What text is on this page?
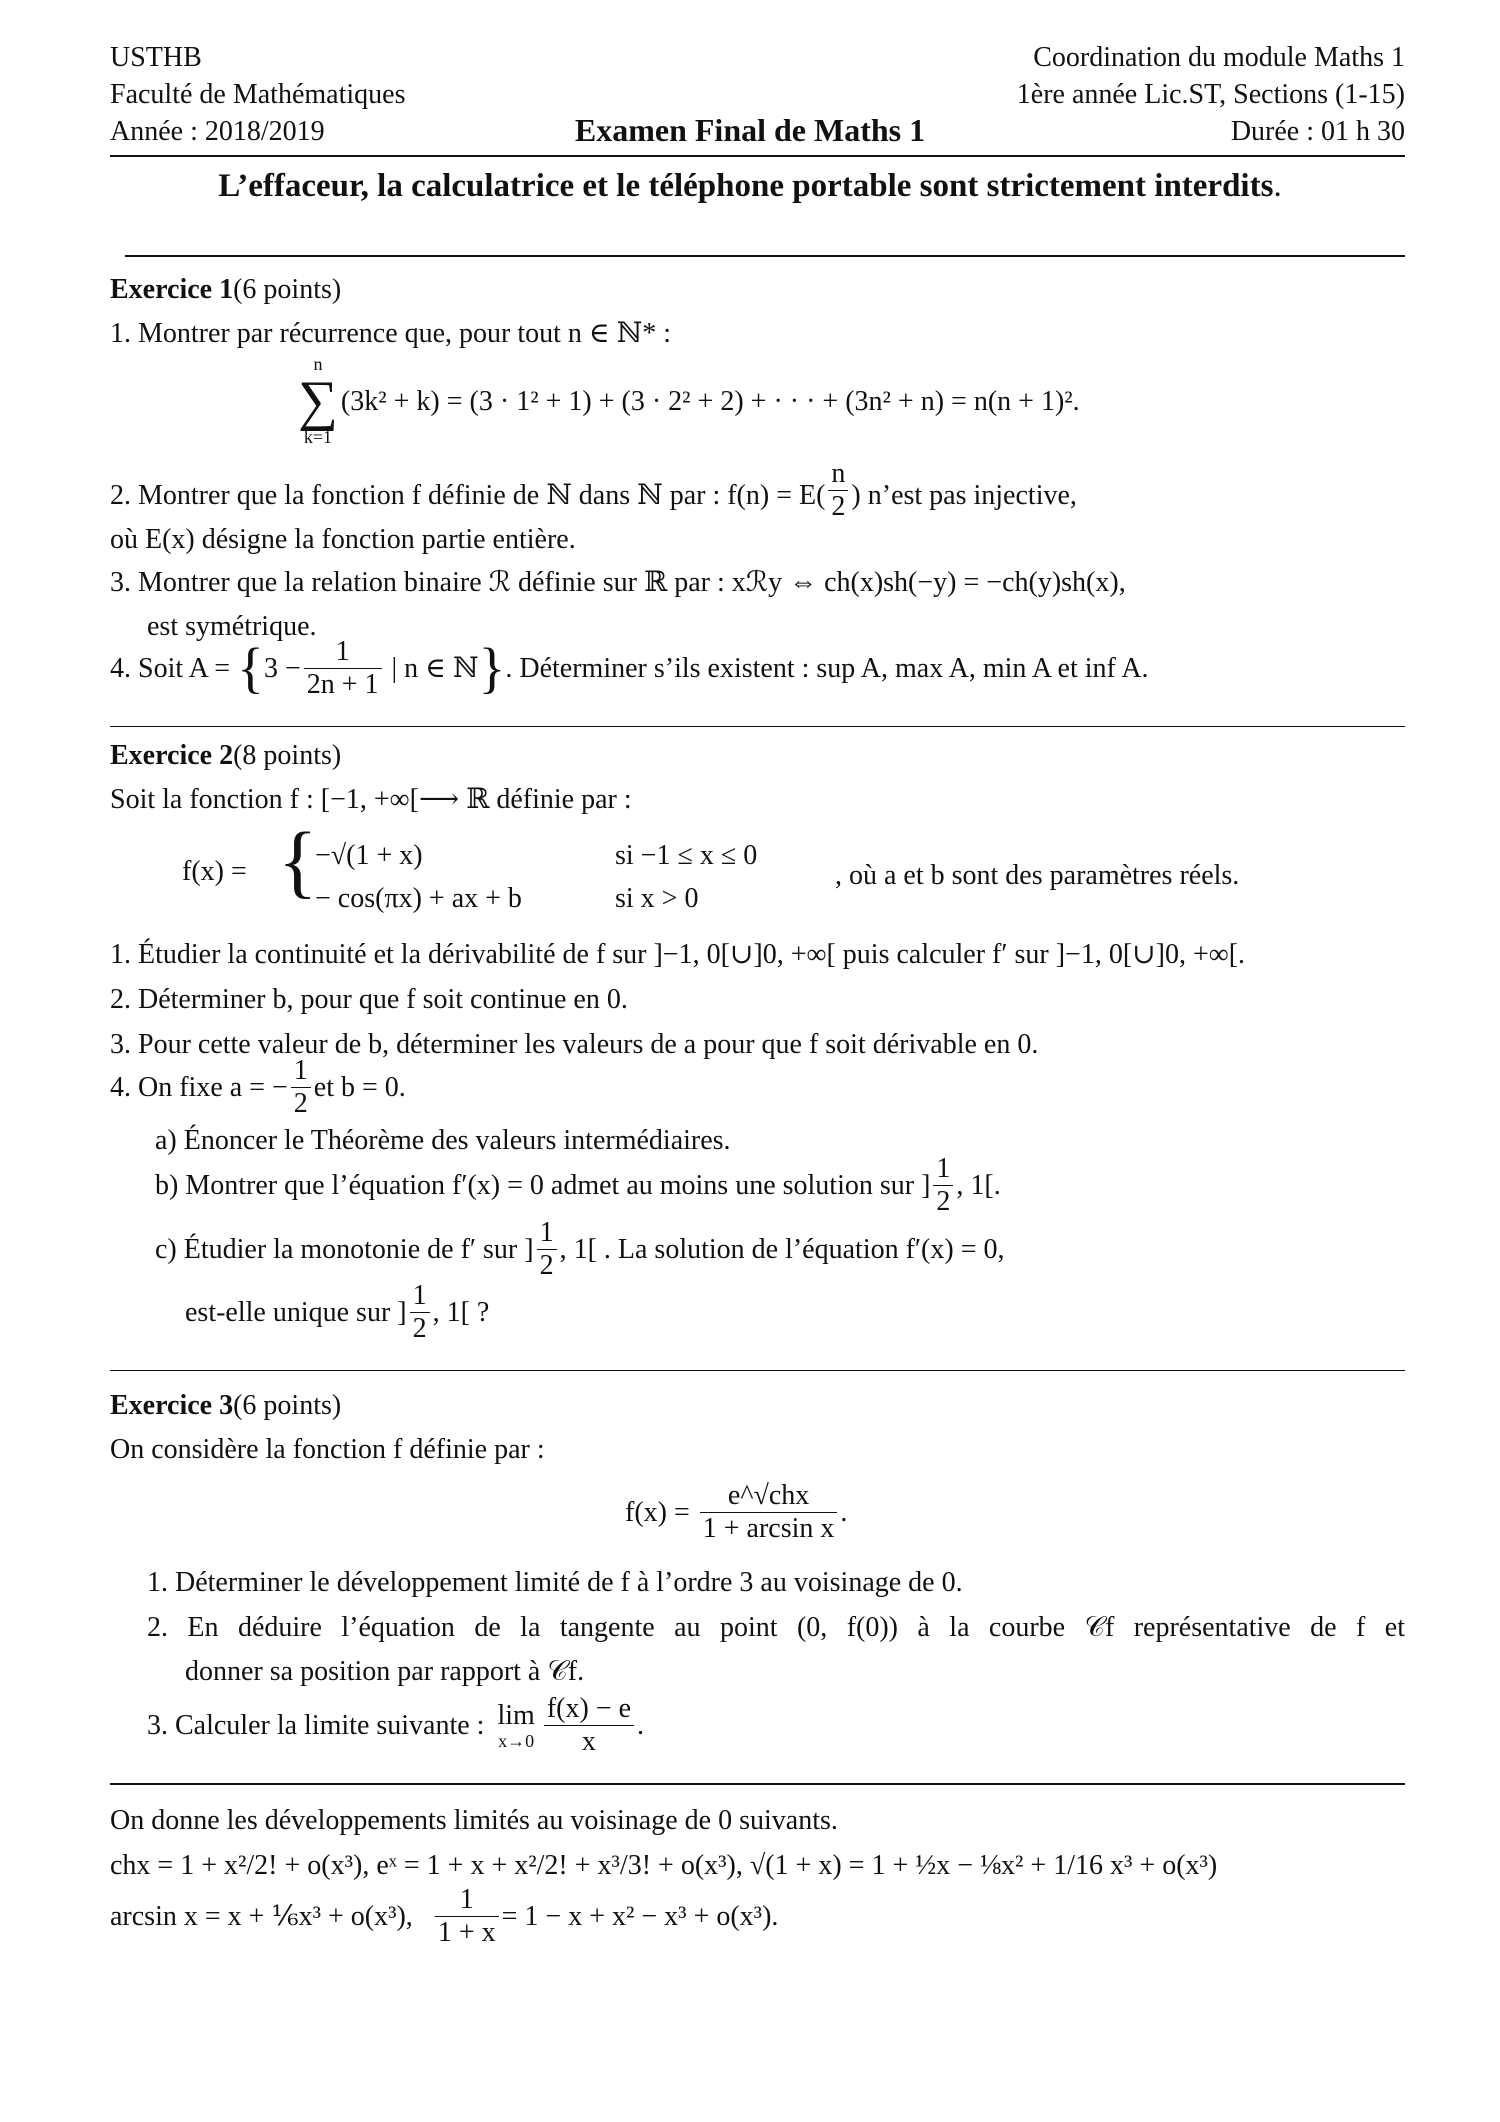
USTHB
Faculté de Mathématiques
Année : 2018/2019
Coordination du module Maths 1
1ère année Lic.ST, Sections (1-15)
Durée : 01 h 30
Examen Final de Maths 1
L’effaceur, la calculatrice et le téléphone portable sont strictement interdits.
Exercice 1(6 points)
1. Montrer par récurrence que, pour tout n ∈ ℕ* :
n
∑
k=1
(3k² + k) = (3 · 1² + 1) + (3 · 2² + 2) + · · · + (3n² + n) = n(n + 1)².
2. Montrer que la fonction f définie de ℕ dans ℕ par : $f(n) = E( \frac{n}{2}$ ) n’est pas injective,
où E(x) désigne la fonction partie entière.
3. Montrer que la relation binaire ℛ définie sur ℝ par : xℛy ⇔ ch(x)sh(−y) = −ch(y)sh(x),
est symétrique.
4. Soit $A = \{3 - \frac{1}{2n + 1}$ | n ∈ ℕ}. Déterminer s’ils existent : sup A, max A, min A et inf A.
Exercice 2(8 points)
Soit la fonction f : [−1, +∞[⟶ ℝ définie par :
f(x) = {
−√(1 + x)	si −1 ≤ x ≤ 0
− cos(πx) + ax + b	si x > 0
, où a et b sont des paramètres réels.
1. Étudier la continuité et la dérivabilité de f sur ]−1, 0[∪]0, +∞[ puis calculer f′ sur ]−1, 0[∪]0, +∞[.
2. Déterminer b, pour que f soit continue en 0.
3. Pour cette valeur de b, déterminer les valeurs de a pour que f soit dérivable en 0.
4. On fixe a = − $\frac{1}{2}$ et b = 0.
a) Énoncer le Théorème des valeurs intermédiaires.
b) Montrer que l’équation f′(x) = 0 admet au moins une solution sur ] $\frac{1}{2}$ , 1[.
c) Étudier la monotonie de f′ sur ] $\frac{1}{2}$ , 1[ . La solution de l’équation f′(x) = 0,
est-elle unique sur ] $\frac{1}{2}$ , 1[ ?
Exercice 3(6 points)
On considère la fonction f définie par :
$f(x) = \frac{\text{e\textasciicircum{}√chx}}{\text{1 + arcsin x}}$ .
1. Déterminer le développement limité de f à l’ordre 3 au voisinage de 0.
2. En déduire l’équation de la tangente au point (0, f(0)) à la courbe 𝒞f représentative de f et
donner sa position par rapport à 𝒞f.
3. Calculer la limite suivante : lim
$x\to 0 \frac{f(x) - e}{x}$ .
On donne les développements limités au voisinage de 0 suivants.
chx = 1 + x²/2! + o(x³), eˣ = 1 + x + x²/2! + x³/3! + o(x³), √(1 + x) = 1 + ½x − ⅛x² + 1/16 x³ + o(x³)
arcsin x = x + ⅙x³ + o(x³), $\frac{1}{1 + x} = 1 - x + x^2 - x^3 + o(x^3)$.
